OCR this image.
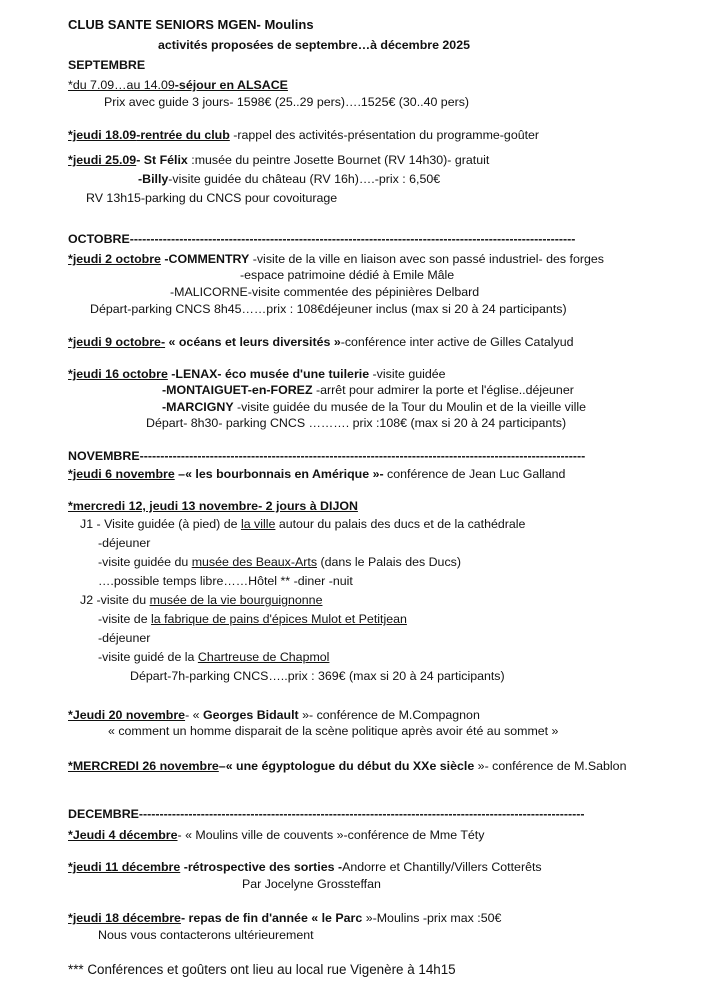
CLUB SANTE SENIORS MGEN- Moulins
activités proposées de septembre…à décembre 2025
SEPTEMBRE
*du 7.09…au 14.09-séjour en ALSACE
Prix avec guide 3 jours- 1598€ (25..29 pers)….1525€ (30..40 pers)
*jeudi 18.09-rentrée du club -rappel des activités-présentation du programme-goûter
*jeudi 25.09- St Félix :musée du peintre Josette Bournet (RV 14h30)- gratuit
-Billy-visite guidée du château (RV 16h)….-prix : 6,50€
RV 13h15-parking du CNCS pour covoiturage
OCTOBRE------------------------------------------------------------------------------------------------------------
*jeudi 2 octobre -COMMENTRY -visite de la ville en liaison avec son passé industriel- des forges
-espace patrimoine dédié à Emile Mâle
-MALICORNE-visite commentée des pépinières Delbard
Départ-parking CNCS 8h45……prix : 108€déjeuner inclus (max si 20 à 24 participants)
*jeudi 9 octobre- « océans et leurs diversités »-conférence inter active de Gilles Catalyud
*jeudi 16 octobre -LENAX- éco musée d'une tuilerie -visite guidée
-MONTAIGUET-en-FOREZ -arrêt pour admirer la porte et l'église..déjeuner
-MARCIGNY -visite guidée du musée de la Tour du Moulin et de la vieille ville
Départ- 8h30- parking CNCS ………. prix :108€ (max si 20 à 24 participants)
NOVEMBRE------------------------------------------------------------------------------------------------------------
*jeudi 6 novembre –« les bourbonnais en Amérique »- conférence de Jean Luc Galland
*mercredi 12, jeudi 13 novembre- 2 jours à DIJON
J1 - Visite guidée (à pied) de la ville autour du palais des ducs et de la cathédrale
-déjeuner
-visite guidée du musée des Beaux-Arts (dans le Palais des Ducs)
….possible temps libre……Hôtel ** -diner -nuit
J2 -visite du musée de la vie bourguignonne
-visite de la fabrique de pains d'épices Mulot et Petitjean
-déjeuner
-visite guidé de la Chartreuse de Chapmol
Départ-7h-parking CNCS…..prix : 369€ (max si 20 à 24 participants)
*Jeudi 20 novembre- « Georges Bidault »- conférence de M.Compagnon
« comment un homme disparait de la scène politique après avoir été au sommet »
*MERCREDI 26 novembre–« une égyptologue du début du XXe siècle »- conférence de M.Sablon
DECEMBRE------------------------------------------------------------------------------------------------------------
*Jeudi 4 décembre- « Moulins ville de couvents »-conférence de Mme Téty
*jeudi 11 décembre -rétrospective des sorties -Andorre et Chantilly/Villers Cotterêts
Par Jocelyne Grossteffan
*jeudi 18 décembre- repas de fin d'année « le Parc »-Moulins -prix max :50€
Nous vous contacterons ultérieurement
*** Conférences et goûters ont lieu au local rue Vigenère à 14h15
